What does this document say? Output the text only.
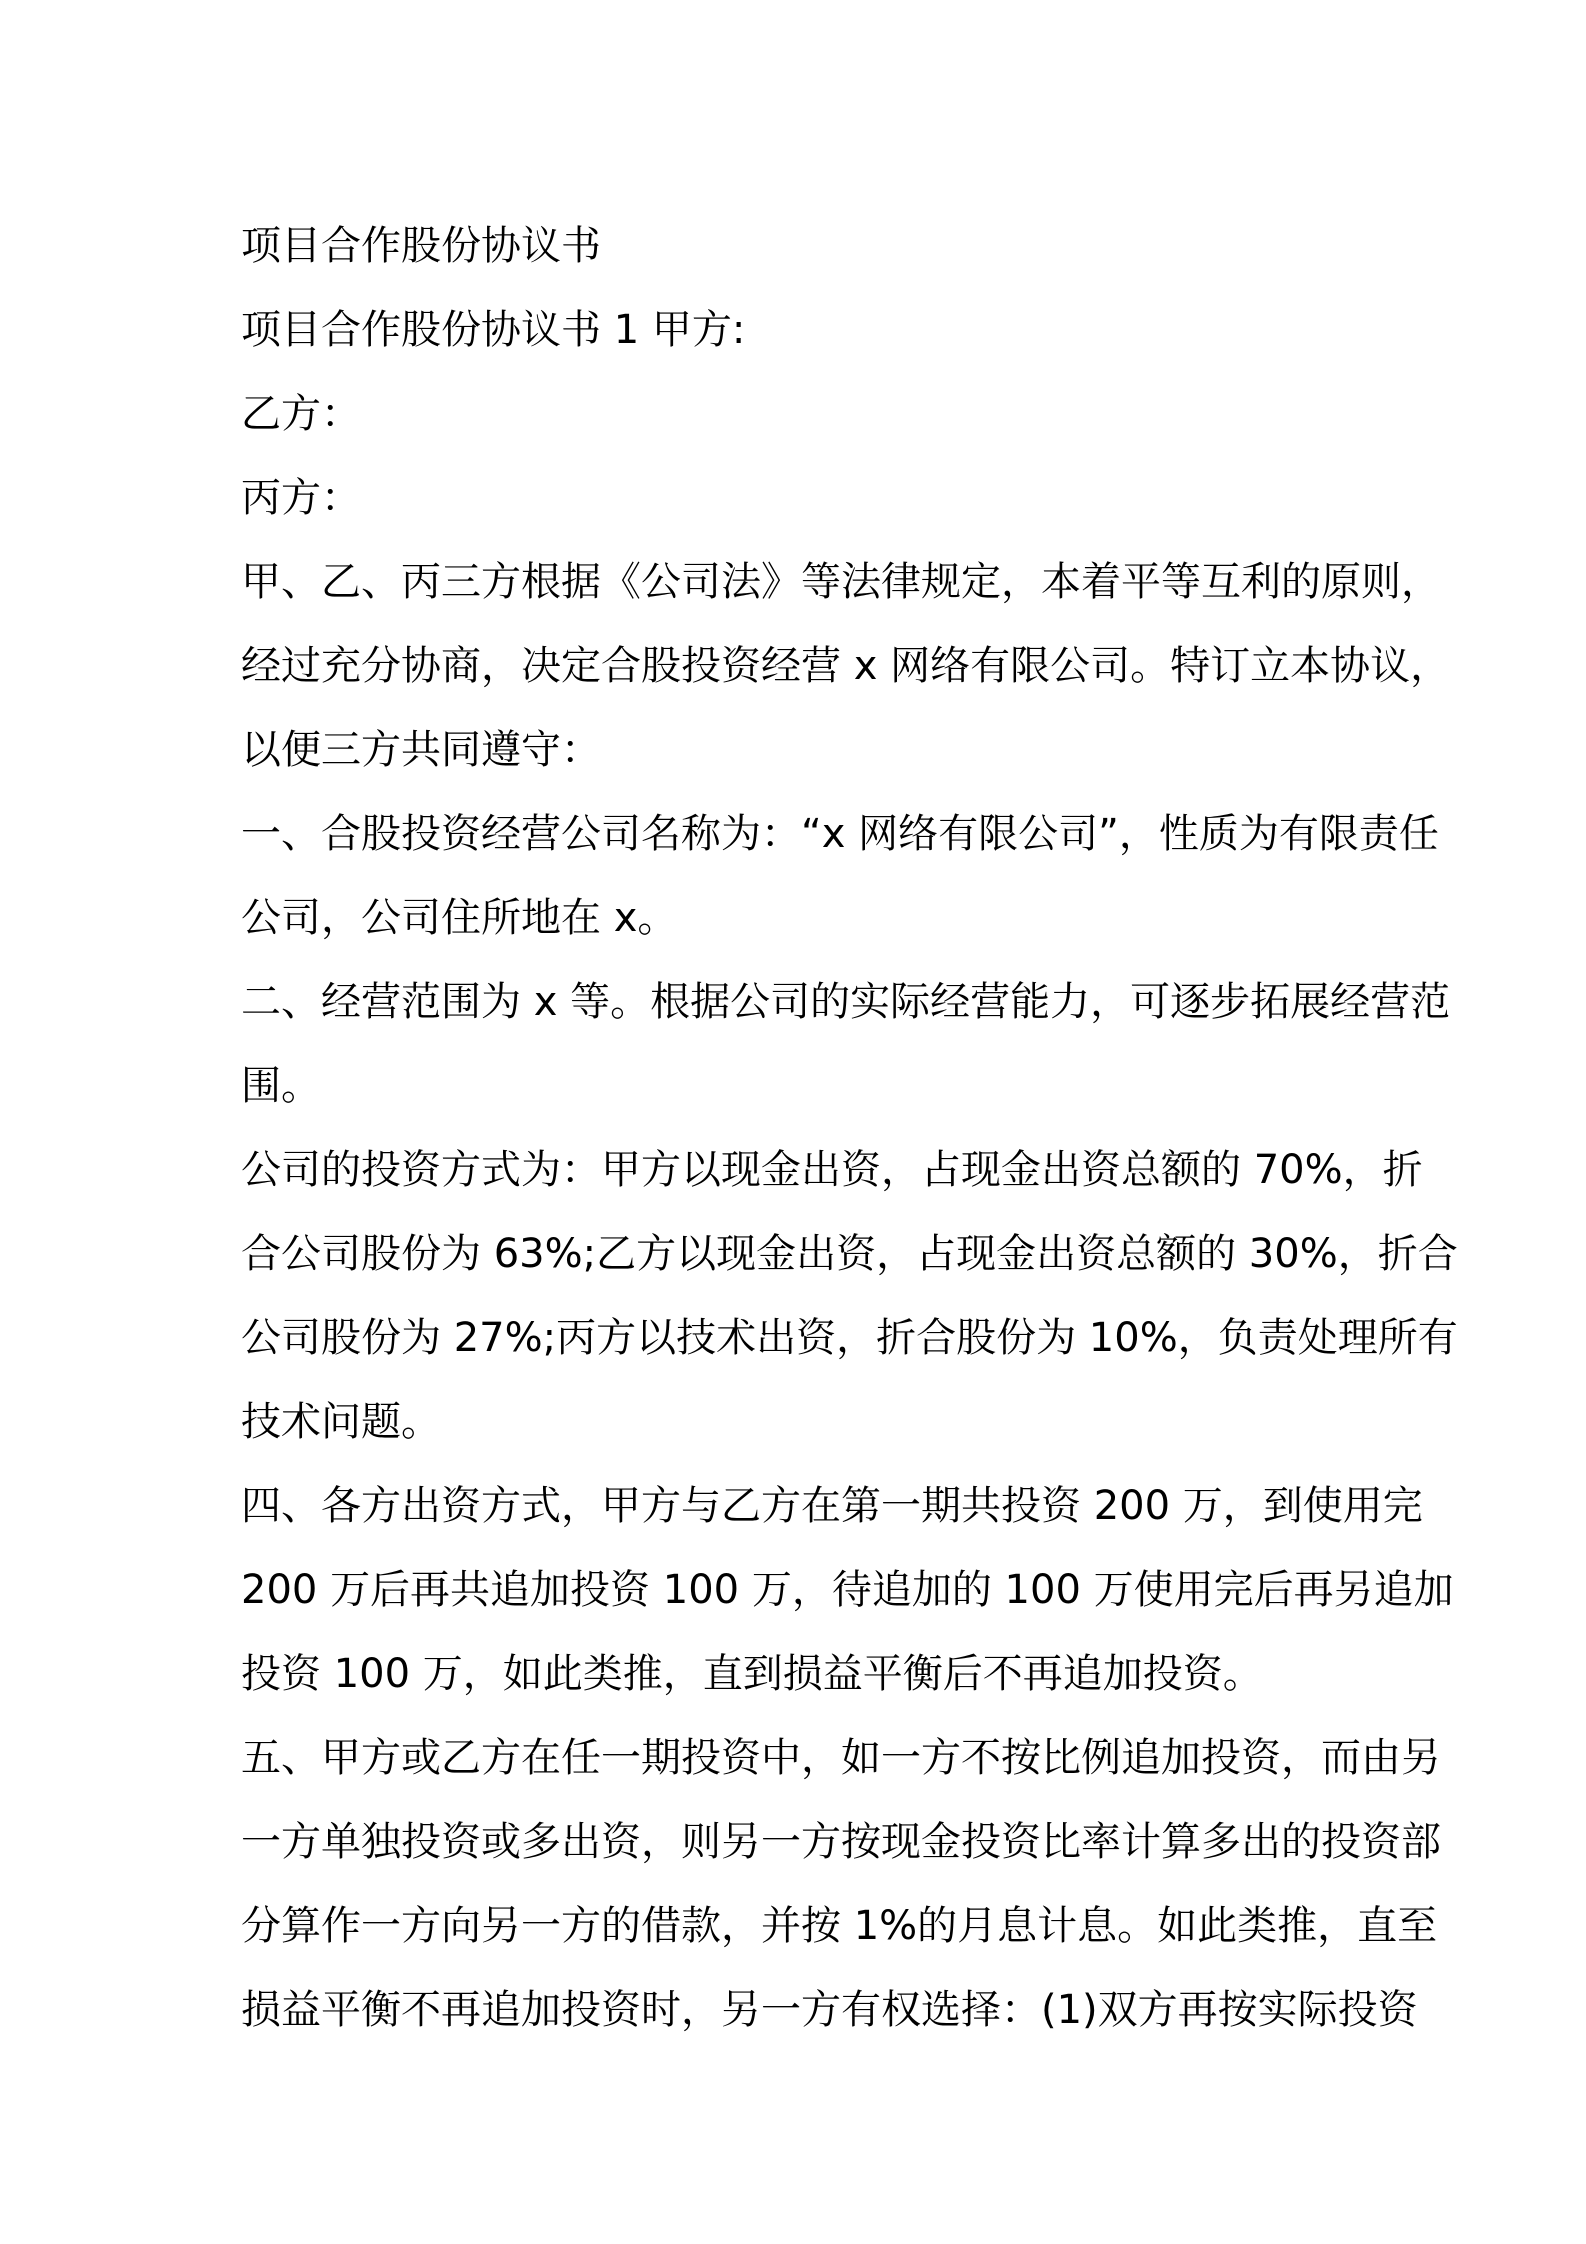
项目合作股份协议书

项目合作股份协议书 1 甲方:

乙方：

丙方：

甲、乙、丙三方根据《公司法》等法律规定，本着平等互利的原则，

经过充分协商，决定合股投资经营 x 网络有限公司。特订立本协议，

以便三方共同遵守：

一、合股投资经营公司名称为：“x 网络有限公司”，性质为有限责任

公司，公司住所地在 x。

二、经营范围为 x 等。根据公司的实际经营能力，可逐步拓展经营范

围。

公司的投资方式为：甲方以现金出资，占现金出资总额的 70%，折

合公司股份为 63%;乙方以现金出资，占现金出资总额的 30%，折合

公司股份为 27%;丙方以技术出资，折合股份为 10%，负责处理所有

技术问题。

四、各方出资方式，甲方与乙方在第一期共投资 200 万，到使用完

200 万后再共追加投资 100 万，待追加的 100 万使用完后再另追加

投资 100 万，如此类推，直到损益平衡后不再追加投资。

五、甲方或乙方在任一期投资中，如一方不按比例追加投资，而由另

一方单独投资或多出资，则另一方按现金投资比率计算多出的投资部

分算作一方向另一方的借款，并按 1%的月息计息。如此类推，直至

损益平衡不再追加投资时，另一方有权选择：(1)双方再按实际投资
